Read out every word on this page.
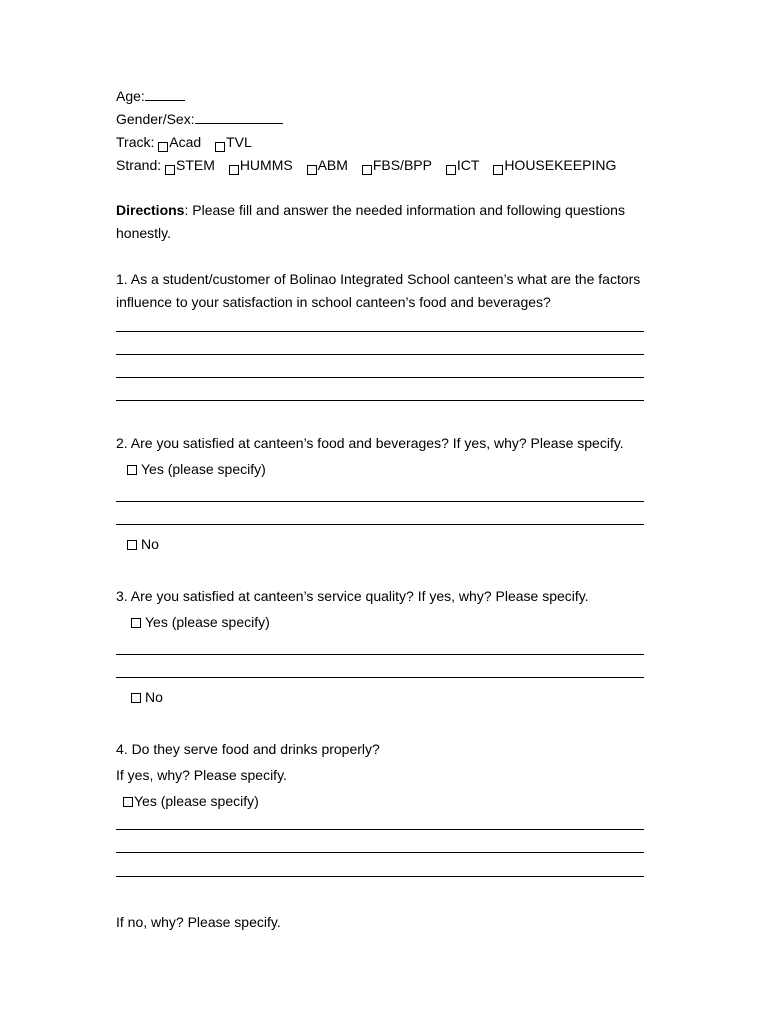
Age:
Gender/Sex:
Track: Acad TVL
Strand: STEM HUMMS ABM FBS/BPP ICT HOUSEKEEPING
Directions: Please fill and answer the needed information and following questions
honestly.
1. As a student/customer of Bolinao Integrated School canteen’s what are the factors
influence to your satisfaction in school canteen’s food and beverages?
2. Are you satisfied at canteen’s food and beverages? If yes, why? Please specify.
Yes (please specify)
No
3. Are you satisfied at canteen’s service quality? If yes, why? Please specify.
Yes (please specify)
No
4. Do they serve food and drinks properly?
If yes, why? Please specify.
Yes (please specify)
If no, why? Please specify.
